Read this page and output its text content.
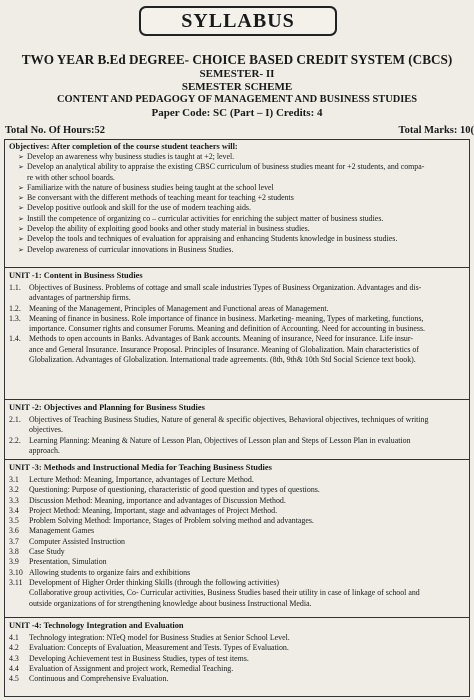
SYLLABUS
TWO YEAR B.Ed DEGREE- CHOICE BASED CREDIT SYSTEM (CBCS)
SEMESTER- II
SEMESTER SCHEME
CONTENT AND PEDAGOGY OF MANAGEMENT AND BUSINESS STUDIES
Paper Code: SC (Part – I) Credits: 4
Total No. Of Hours:52	Total Marks: 10(
Objectives: After completion of the course student teachers will:
➢ Develop an awareness why business studies is taught at +2; level.
➢ Develop an analytical ability to appraise the existing CBSC curriculum of business studies meant for +2 students, and compa-
re with other school boards.
➢ Familiarize with the nature of business studies being taught at the school level
➢ Be conversant with the different methods of teaching meant for teaching +2 students
➢ Develop positive outlook and skill for the use of modern teaching aids.
➢ Instill the competence of organizing co – curricular activities for enriching the subject matter of business studies.
➢ Develop the ability of exploiting good books and other study material in business studies.
➢ Develop the tools and techniques of evaluation for appraising and enhancing Students knowledge in business studies.
➢ Develop awareness of curricular innovations in Business Studies.
UNIT -1: Content in Business Studies
1.1. Objectives of Business. Problems of cottage and small scale industries Types of Business Organization. Advantages and dis-
advantages of partnership firms.
1.2. Meaning of the Management, Principles of Management and Functional areas of Management.
1.3. Meaning of finance in business. Role importance of finance in business. Marketing- meaning, Types of marketing, functions,
importance. Consumer rights and consumer Forums. Meaning and definition of Accounting. Need for accounting in business.
1.4. Methods to open accounts in Banks. Advantages of Bank accounts. Meaning of insurance, Need for insurance. Life insur-
ance and General Insurance. Insurance Proposal. Principles of Insurance. Meaning of Globalization. Main characteristics of
Globalization. Advantages of Globalization. International trade agreements. (8th, 9th& 10th Std Social Science text book).
UNIT -2: Objectives and Planning for Business Studies
2.1. Objectives of Teaching Business Studies, Nature of general & specific objectives, Behavioral objectives, techniques of writing
objectives.
2.2. Learning Planning: Meaning & Nature of Lesson Plan, Objectives of Lesson plan and Steps of Lesson Plan in evaluation
approach.
UNIT -3: Methods and Instructional Media for Teaching Business Studies
3.1 Lecture Method: Meaning, Importance, advantages of Lecture Method.
3.2 Questioning: Purpose of questioning, characteristic of good question and types of questions.
3.3 Discussion Method: Meaning, importance and advantages of Discussion Method.
3.4 Project Method: Meaning, Important, stage and advantages of Project Method.
3.5 Problem Solving Method: Importance, Stages of Problem solving method and advantages.
3.6 Management Games
3.7 Computer Assisted Instruction
3.8 Case Study
3.9 Presentation, Simulation
3.10 Allowing students to organize fairs and exhibitions
3.11 Development of Higher Order thinking Skills (through the following activities)
Collaborative group activities, Co- Curricular activities, Business Studies based their utility in case of linkage of school and
outside organizations of for strengthening knowledge about business Instructional Media.
UNIT -4: Technology Integration and Evaluation
4.1 Technology integration: NTeQ model for Business Studies at Senior School Level.
4.2 Evaluation: Concepts of Evaluation, Measurement and Tests. Types of Evaluation.
4.3 Developing Achievement test in Business Studies, types of test items.
4.4 Evaluation of Assignment and project work, Remedial Teaching.
4.5 Continuous and Comprehensive Evaluation.
